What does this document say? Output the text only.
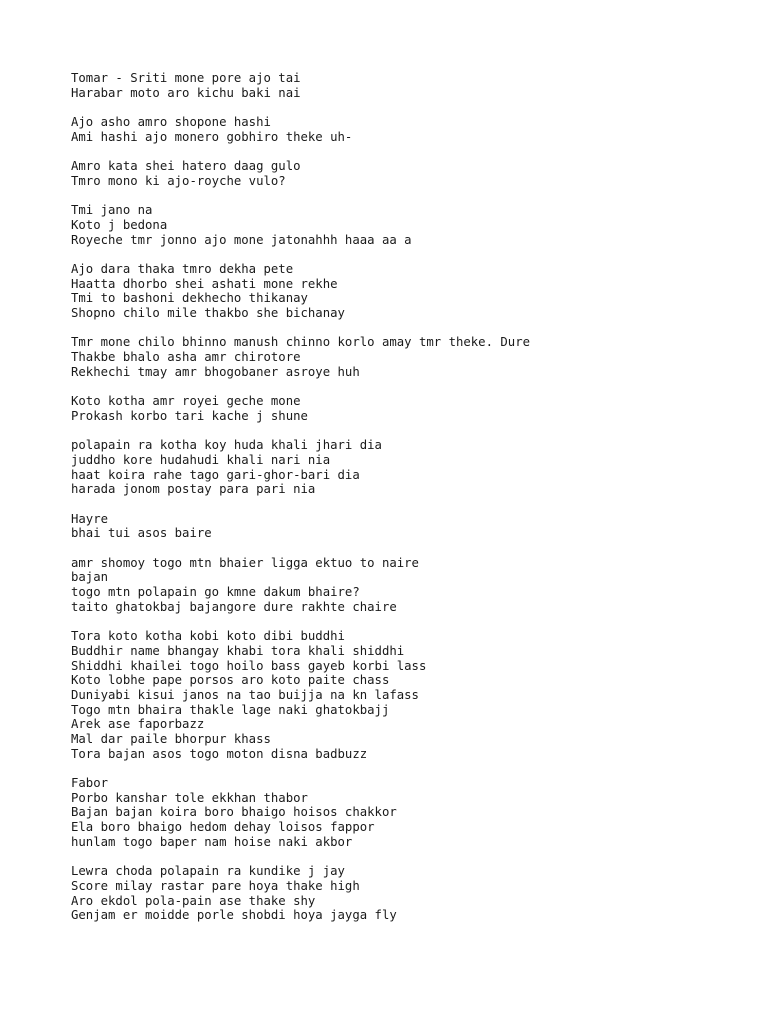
Tomar - Sriti mone pore ajo tai
Harabar moto aro kichu baki nai
Ajo asho amro shopone hashi
Ami hashi ajo monero gobhiro theke uh-
Amro kata shei hatero daag gulo
Tmro mono ki ajo-royche vulo?
Tmi jano na
Koto j bedona
Royeche tmr jonno ajo mone jatonahhh haaa aa a
Ajo dara thaka tmro dekha pete
Haatta dhorbo shei ashati mone rekhe
Tmi to bashoni dekhecho thikanay
Shopno chilo mile thakbo she bichanay
Tmr mone chilo bhinno manush chinno korlo amay tmr theke. Dure
Thakbe bhalo asha amr chirotore
Rekhechi tmay amr bhogobaner asroye huh
Koto kotha amr royei geche mone
Prokash korbo tari kache j shune
polapain ra kotha koy huda khali jhari dia
juddho kore hudahudi khali nari nia
haat koira rahe tago gari-ghor-bari dia
harada jonom postay para pari nia
Hayre
bhai tui asos baire
amr shomoy togo mtn bhaier ligga ektuo to naire
bajan
togo mtn polapain go kmne dakum bhaire?
taito ghatokbaj bajangore dure rakhte chaire
Tora koto kotha kobi koto dibi buddhi
Buddhir name bhangay khabi tora khali shiddhi
Shiddhi khailei togo hoilo bass gayeb korbi lass
Koto lobhe pape porsos aro koto paite chass
Duniyabi kisui janos na tao buijja na kn lafass
Togo mtn bhaira thakle lage naki ghatokbajj
Arek ase faporbazz
Mal dar paile bhorpur khass
Tora bajan asos togo moton disna badbuzz
Fabor
Porbo kanshar tole ekkhan thabor
Bajan bajan koira boro bhaigo hoisos chakkor
Ela boro bhaigo hedom dehay loisos fappor
hunlam togo baper nam hoise naki akbor
Lewra choda polapain ra kundike j jay
Score milay rastar pare hoya thake high
Aro ekdol pola-pain ase thake shy
Genjam er moidde porle shobdi hoya jayga fly
